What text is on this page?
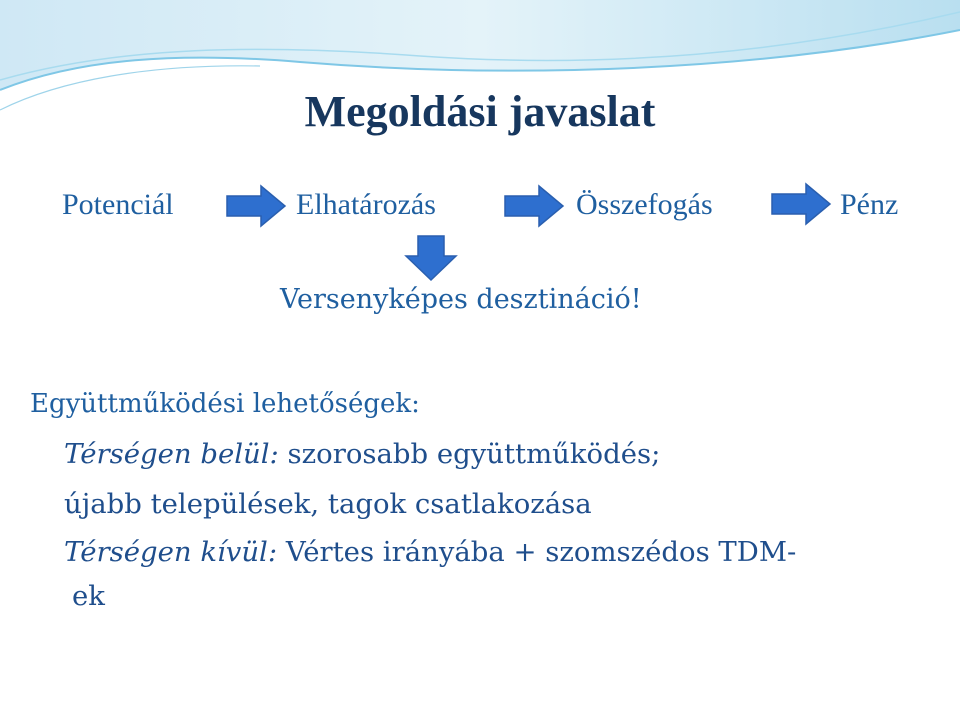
Megoldási javaslat
Potenciál	Elhatározás	Összefogás	Pénz
Versenyképes desztináció!
Együttműködési lehetőségek:
Térségen belül: szorosabb együttműködés;
újabb települések, tagok csatlakozása
Térségen kívül: Vértes irányába + szomszédos TDM-
ek
